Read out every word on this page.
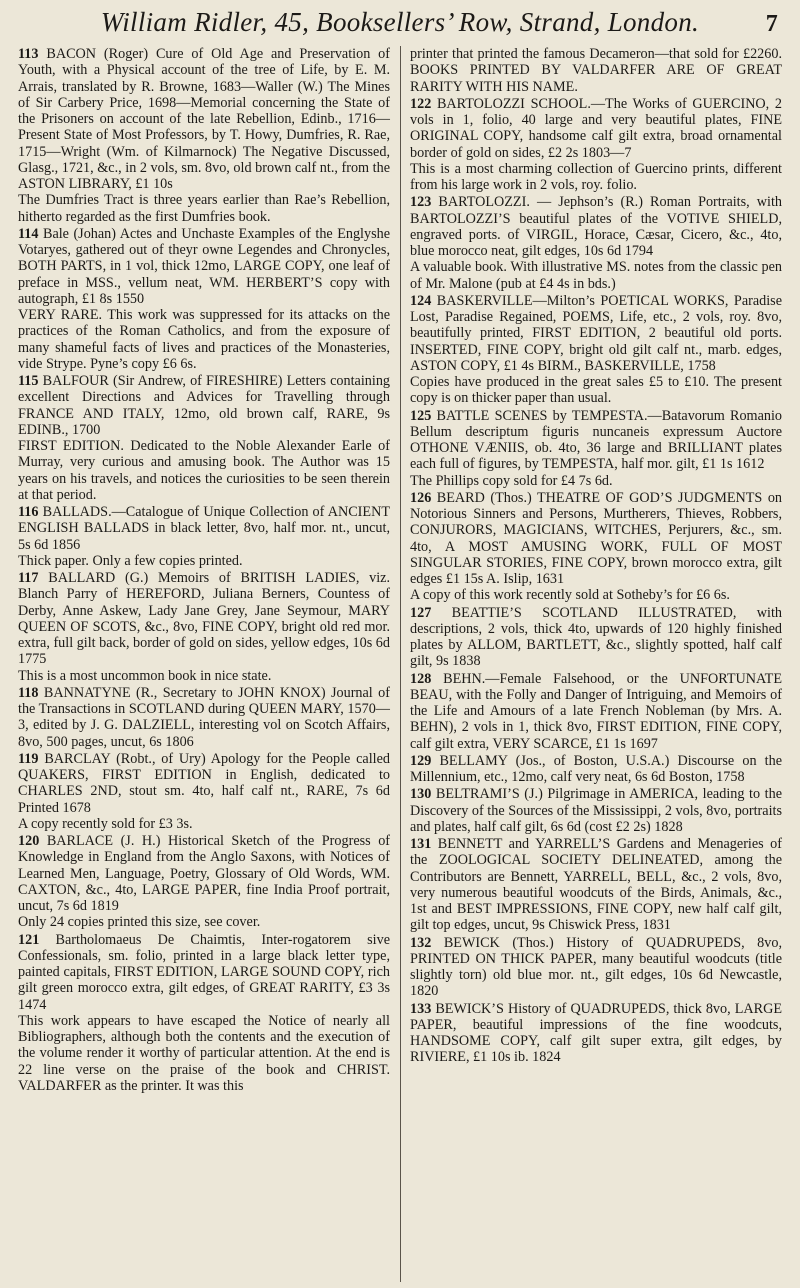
William Ridler, 45, Booksellers’ Row, Strand, London.	7

113 BACON (Roger) Cure of Old Age and Preservation of Youth, with a Physical account of the tree of Life, by E. M. Arrais, translated by R. Browne, 1683—Waller (W.) The Mines of Sir Carbery Price, 1698—Memorial concerning the State of the Prisoners on account of the late Rebellion, Edinb., 1716—Present State of Most Professors, by T. Howy, Dumfries, R. Rae, 1715—Wright (Wm. of Kilmarnock) The Negative Discussed, Glasg., 1721, &c., in 2 vols, sm. 8vo, old brown calf nt., from the ASTON LIBRARY, £1 10s
The Dumfries Tract is three years earlier than Rae’s Rebellion, hitherto regarded as the first Dumfries book.

114 Bale (Johan) Actes and Unchaste Examples of the Englyshe Votaryes, gathered out of theyr owne Legendes and Chronycles, BOTH PARTS, in 1 vol, thick 12mo, LARGE COPY, one leaf of preface in MSS., vellum neat, WM. HERBERT’S copy with autograph, £1 8s 1550
VERY RARE. This work was suppressed for its attacks on the practices of the Roman Catholics, and from the exposure of many shameful facts of lives and practices of the Monasteries, vide Strype. Pyne’s copy £6 6s.

115 BALFOUR (Sir Andrew, of FIRESHIRE) Letters containing excellent Directions and Advices for Travelling through FRANCE AND ITALY, 12mo, old brown calf, RARE, 9s EDINB., 1700
FIRST EDITION. Dedicated to the Noble Alexander Earle of Murray, very curious and amusing book. The Author was 15 years on his travels, and notices the curiosities to be seen therein at that period.

116 BALLADS.—Catalogue of Unique Collection of ANCIENT ENGLISH BALLADS in black letter, 8vo, half mor. nt., uncut, 5s 6d 1856
Thick paper. Only a few copies printed.

117 BALLARD (G.) Memoirs of BRITISH LADIES, viz. Blanch Parry of HEREFORD, Juliana Berners, Countess of Derby, Anne Askew, Lady Jane Grey, Jane Seymour, MARY QUEEN OF SCOTS, &c., 8vo, FINE COPY, bright old red mor. extra, full gilt back, border of gold on sides, yellow edges, 10s 6d 1775
This is a most uncommon book in nice state.

118 BANNATYNE (R., Secretary to JOHN KNOX) Journal of the Transactions in SCOTLAND during QUEEN MARY, 1570—3, edited by J. G. DALZIELL, interesting vol on Scotch Affairs, 8vo, 500 pages, uncut, 6s 1806

119 BARCLAY (Robt., of Ury) Apology for the People called QUAKERS, FIRST EDITION in English, dedicated to CHARLES 2ND, stout sm. 4to, half calf nt., RARE, 7s 6d Printed 1678
A copy recently sold for £3 3s.

120 BARLACE (J. H.) Historical Sketch of the Progress of Knowledge in England from the Anglo Saxons, with Notices of Learned Men, Language, Poetry, Glossary of Old Words, WM. CAXTON, &c., 4to, LARGE PAPER, fine India Proof portrait, uncut, 7s 6d 1819
Only 24 copies printed this size, see cover.

121 Bartholomaeus De Chaimtis, Inter-rogatorem sive Confessionals, sm. folio, printed in a large black letter type, painted capitals, FIRST EDITION, LARGE SOUND COPY, rich gilt green morocco extra, gilt edges, of GREAT RARITY, £3 3s 1474
This work appears to have escaped the Notice of nearly all Bibliographers, although both the contents and the execution of the volume render it worthy of particular attention. At the end is 22 line verse on the praise of the book and CHRIST. VALDARFER as the printer. It was this

printer that printed the famous Decameron—that sold for £2260. BOOKS PRINTED BY VALDARFER ARE OF GREAT RARITY WITH HIS NAME.

122 BARTOLOZZI SCHOOL.—The Works of GUERCINO, 2 vols in 1, folio, 40 large and very beautiful plates, FINE ORIGINAL COPY, handsome calf gilt extra, broad ornamental border of gold on sides, £2 2s 1803—7
This is a most charming collection of Guercino prints, different from his large work in 2 vols, roy. folio.

123 BARTOLOZZI. — Jephson’s (R.) Roman Portraits, with BARTOLOZZI’S beautiful plates of the VOTIVE SHIELD, engraved ports. of VIRGIL, Horace, Cæsar, Cicero, &c., 4to, blue morocco neat, gilt edges, 10s 6d 1794
A valuable book. With illustrative MS. notes from the classic pen of Mr. Malone (pub at £4 4s in bds.)

124 BASKERVILLE—Milton’s POETICAL WORKS, Paradise Lost, Paradise Regained, POEMS, Life, etc., 2 vols, roy. 8vo, beautifully printed, FIRST EDITION, 2 beautiful old ports. INSERTED, FINE COPY, bright old gilt calf nt., marb. edges, ASTON COPY, £1 4s BIRM., BASKERVILLE, 1758
Copies have produced in the great sales £5 to £10. The present copy is on thicker paper than usual.

125 BATTLE SCENES by TEMPESTA.—Batavorum Romanio Bellum descriptum figuris nuncaneis expressum Auctore OTHONE VÆNIIS, ob. 4to, 36 large and BRILLIANT plates each full of figures, by TEMPESTA, half mor. gilt, £1 1s 1612
The Phillips copy sold for £4 7s 6d.

126 BEARD (Thos.) THEATRE OF GOD’S JUDGMENTS on Notorious Sinners and Persons, Murtherers, Thieves, Robbers, CONJURORS, MAGICIANS, WITCHES, Perjurers, &c., sm. 4to, A MOST AMUSING WORK, FULL OF MOST SINGULAR STORIES, FINE COPY, brown morocco extra, gilt edges £1 15s A. Islip, 1631
A copy of this work recently sold at Sotheby’s for £6 6s.

127 BEATTIE’S SCOTLAND ILLUSTRATED, with descriptions, 2 vols, thick 4to, upwards of 120 highly finished plates by ALLOM, BARTLETT, &c., slightly spotted, half calf gilt, 9s 1838

128 BEHN.—Female Falsehood, or the UNFORTUNATE BEAU, with the Folly and Danger of Intriguing, and Memoirs of the Life and Amours of a late French Nobleman (by Mrs. A. BEHN), 2 vols in 1, thick 8vo, FIRST EDITION, FINE COPY, calf gilt extra, VERY SCARCE, £1 1s 1697

129 BELLAMY (Jos., of Boston, U.S.A.) Discourse on the Millennium, etc., 12mo, calf very neat, 6s 6d Boston, 1758

130 BELTRAMI’S (J.) Pilgrimage in AMERICA, leading to the Discovery of the Sources of the Mississippi, 2 vols, 8vo, portraits and plates, half calf gilt, 6s 6d (cost £2 2s) 1828

131 BENNETT and YARRELL’S Gardens and Menageries of the ZOOLOGICAL SOCIETY DELINEATED, among the Contributors are Bennett, YARRELL, BELL, &c., 2 vols, 8vo, very numerous beautiful woodcuts of the Birds, Animals, &c., 1st and BEST IMPRESSIONS, FINE COPY, new half calf gilt, gilt top edges, uncut, 9s Chiswick Press, 1831

132 BEWICK (Thos.) History of QUADRUPEDS, 8vo, PRINTED ON THICK PAPER, many beautiful woodcuts (title slightly torn) old blue mor. nt., gilt edges, 10s 6d Newcastle, 1820

133 BEWICK’S History of QUADRUPEDS, thick 8vo, LARGE PAPER, beautiful impressions of the fine woodcuts, HANDSOME COPY, calf gilt super extra, gilt edges, by RIVIERE, £1 10s ib. 1824
